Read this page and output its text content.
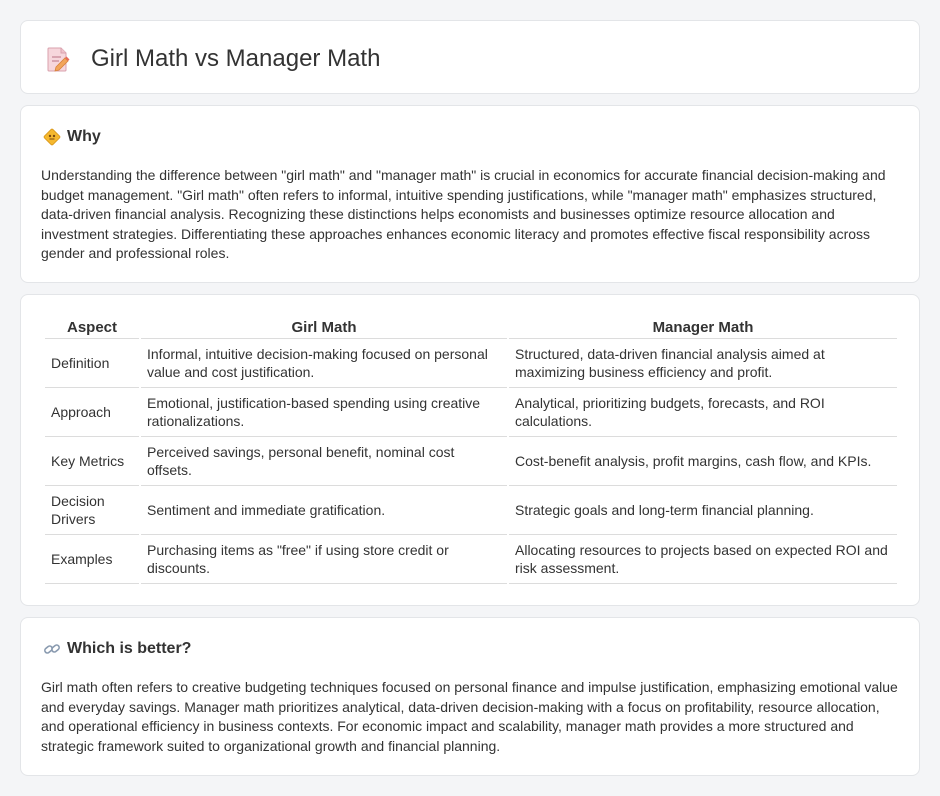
Girl Math vs Manager Math
Why

Understanding the difference between "girl math" and "manager math" is crucial in economics for accurate financial decision-making and budget management. "Girl math" often refers to informal, intuitive spending justifications, while "manager math" emphasizes structured, data-driven financial analysis. Recognizing these distinctions helps economists and businesses optimize resource allocation and investment strategies. Differentiating these approaches enhances economic literacy and promotes effective fiscal responsibility across gender and professional roles.

Aspect	Girl Math	Manager Math
Definition	Informal, intuitive decision-making focused on personal value and cost justification.	Structured, data-driven financial analysis aimed at maximizing business efficiency and profit.
Approach	Emotional, justification-based spending using creative rationalizations.	Analytical, prioritizing budgets, forecasts, and ROI calculations.
Key Metrics	Perceived savings, personal benefit, nominal cost offsets.	Cost-benefit analysis, profit margins, cash flow, and KPIs.
Decision Drivers	Sentiment and immediate gratification.	Strategic goals and long-term financial planning.
Examples	Purchasing items as "free" if using store credit or discounts.	Allocating resources to projects based on expected ROI and risk assessment.
Which is better?

Girl math often refers to creative budgeting techniques focused on personal finance and impulse justification, emphasizing emotional value and everyday savings. Manager math prioritizes analytical, data-driven decision-making with a focus on profitability, resource allocation, and operational efficiency in business contexts. For economic impact and scalability, manager math provides a more structured and strategic framework suited to organizational growth and financial planning.
